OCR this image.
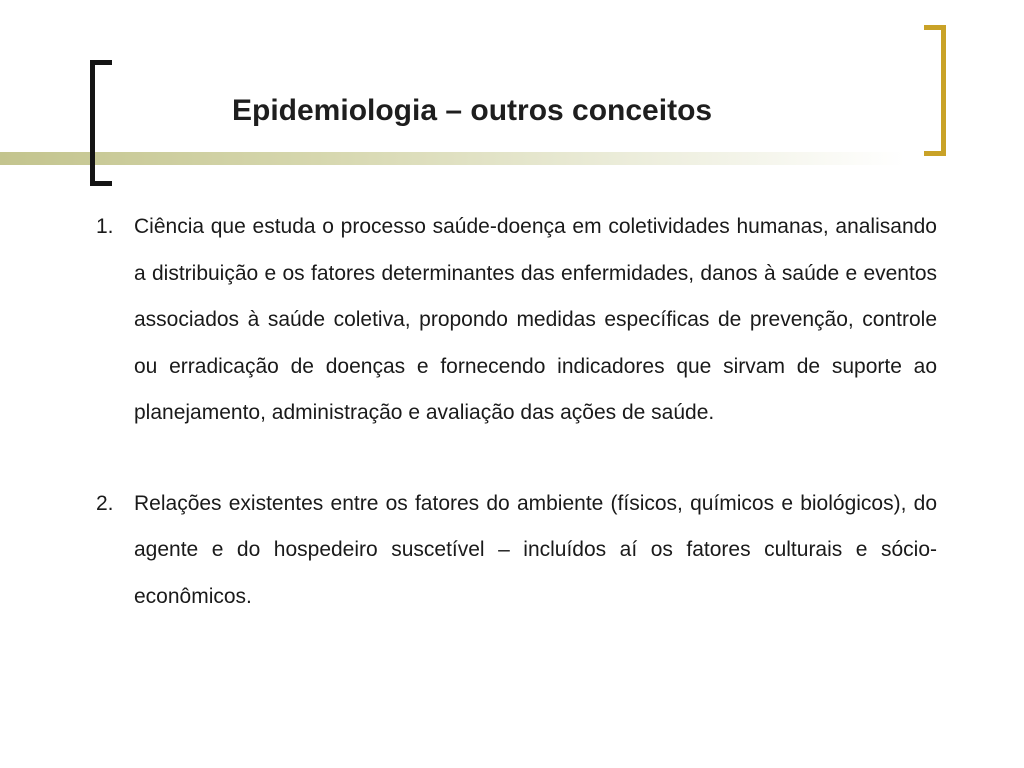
Epidemiologia – outros conceitos
1. Ciência que estuda o processo saúde-doença em coletividades humanas, analisando a distribuição e os fatores determinantes das enfermidades, danos à saúde e eventos associados à saúde coletiva, propondo medidas específicas de prevenção, controle ou erradicação de doenças e fornecendo indicadores que sirvam de suporte ao planejamento, administração e avaliação das ações de saúde.
2. Relações existentes entre os fatores do ambiente (físicos, químicos e biológicos), do agente e do hospedeiro suscetível – incluídos aí os fatores culturais e sócio-econômicos.
